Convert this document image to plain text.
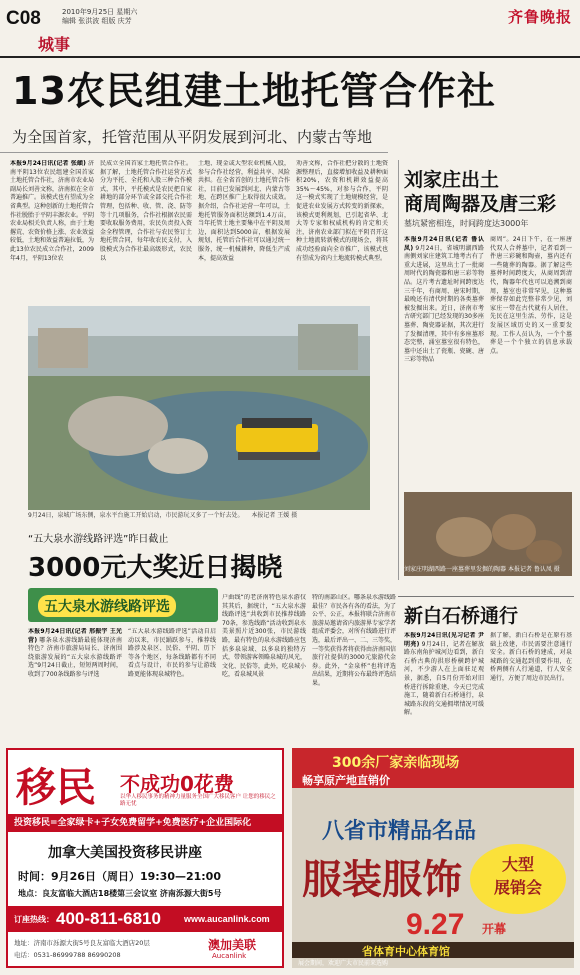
C08	2010年9月25日 星期六
编辑 张洪波 组版 庆芳	齐鲁晚报
城事
13农民组建土地托管合作社
为全国首家，托管范围从平阴发展到河北、内蒙古等地
本报9月24日讯(记者 张頔) 济南平阴13位农民组建全国首家土地托管合作社，济南市农业局副局长刘善文称，济南拟在全市普遍推广。该模式也有望成为全省典型。这种创新的土地托管合作社脱胎于平阴丰源农业。平阴农业局相关负责人称，由于土地撂荒、农资价格上涨、农业效益较低，土地和效益普遍拉低，为此13位农民成立合作社，2009年4月，平阴13位农
民成立全国首家土地托管合作社。据了解，土地托管合作社运营方式分为平托、全托和入股三种合作模式，其中，平托模式是农民把自家耕地的部分环节或全部交托合作社管理，包括种、收、管、浇、防等等十几项服务，合作社根据农民需要收取服务费用，农民负责投入资金全程管理，合作社与农民签订土地托管合同，每年收农民支付，入股模式为合作社最高级形式，农民以
土地、现金或大型农业机械入股，参与合作社经营，利益共享、风险共担。在全省首创的土地托管合作社，目前已发展到河北、内蒙古等地，在跨区推广上取得很大成效。据介绍，合作社运营一年可以，土地托管服务面积达额到1.4万亩，当年托管土地主要集中在平阴及周边，面积达到5000亩，根据发展规划，托管后合作社可以通过统一服务，统一机械耕种，降低生产成本，提高效益
劝善文称，合作社把分散的土地资源整理后，直接增加收益及耕种面积20%，农资和机耕效益提高35%～45%，对参与合作，平阴这一模式实现了土地规模经营，是促进农业发展方式转变的新探索，该模式更利规划，已引起省华、北大等专家和权威机构的肯定和关注，济南农业部门拟在平阴召开这种土地流转新模式的现场会，将其成功经验面向全市推广，该模式也有望成为省内土地流转模式典型。
9月24日，泉城广场东侧，泉水平台施工开始启动，市民游玩又多了一个好去处。 本报记者 王媛 摄
“五大泉水游线路评选”昨日截止
3000元大奖近日揭晓
五大泉水游线路评选
本报9月24日讯(记者 邢振宇 王光营) 哪条泉水游线路最能体现济南特色？济南市旅游局局长、济南围绕旅游发展的“五大泉水游线路评选”9月24日截止，短短两周时间，收到了700条线路参与评选
“五大泉水游线路评选”活动自启动以来，市民踊跃参与，推荐线路涉及泉区、民俗、平阴、历下等各个地区，每条线路都有不同看点与设计，市民的参与让游线路更能体现泉城特色。
户曲线“的老济南特色泉水游仅其其后，据统计，“五大泉水游线路评选”共收到市民推荐线路70条，参选线路“活动收到泉水美景照片近300张，市民游线路，最有特色的泉水游线路应包括多泉泉域、以多泉的独特方式，带领游客领略泉城的风光，文化、民俗等，此外，吃泉城小吃，看泉城风景
特的南部山区。哪条泉水游线路最佳？市民各有各的看法，为了公平、公正，本报将联合济南市旅游局邀请省内旅游界专家学者组成评委会，对所有线路进行评选，最后评出一、二、三等奖，一等奖获得者将获得由济南国信旅行社提供的3000元旅游代金券。此外，“金泉杯”也将评选出结果，近期将公布最终评选结果。
刘家庄出土
商周陶器及唐三彩
墓坑紧密相连，时间跨度达3000年
本报9月24日讯(记者 鲁认凤) 9月24日，省城明湖西路南侧刘家庄建筑工地考古有了重大进展，这里出土了一批商周时代的陶瓷器和唐三彩等物品。这片考古遗址时间跨度达三千年，有商周、唐宋时期，最晚还有清代时期的各类墓葬被发掘出来。近日，济南市考古研究部门已经发现的30多座墓葬、陶瓷器证据，其次进行了发掘清理，其中有多座墓形态完整，涌室墓室很有特色，墓中还出土了瓷瓶、瓷碗、唐三彩等物品
商周”。24日下午，在一座唐代双人合葬墓中，记者看到一件唐三彩碗和陶壶，墓内还有一些随葬的陶器。据了解这些墓葬时间跨度大，从商周到清代，陶器年代也可以追溯到商周，墓室也非常罕见，这种墓葬保存如此完整非常少见，刘家庄一带在古代就有人居住，先民在这里生活、劳作，这是发展区域历史的又一重要发现。工作人员认为，一个个墓葬是一个个独立的信息承载点。
刘家庄明湖西路一座墓葬里发掘的陶器 本报记者 鲁认凤 摄
新白石桥通行
本报9月24日讯(见习记者 尹明亮) 9月24日，记者在解放路东南角护城河边看到，新白石桥古典的拱形桥横跨护城河，不少游人在上面驻足观景，据悉，自5月份开始对旧桥进行拆除重建，今天已完成施工，随着新白石桥通行，泉城路东段的交通拥堵情况可缓解。
据了解，新白石桥是在原有基础上改建，市民需要注意通行安全。新白石桥的建成，对泉城路的交通起到重要作用，在桥两侧有人行通道，行人安全通行，方便了周边市民出行。
移民 不成功0花费
以华人移民事务的精神力量服务全国广大移民客户 让您的移民之路无忧
投资移民=全家绿卡+子女免费留学+免费医疗+企业国际化
加拿大美国投资移民讲座
时间：9月26日（周日）19:30—21:00
地点：良友富临大酒店18楼第三会议室 济南泺源大街5号
订座热线： 400-811-6810	www.aucanlink.com
地址：济南市泺源大街5号良友富临大酒店20层
电话：0531-86999788 86990208
澳加美联
Aucanlink
300余厂家亲临现场
畅享原产地直销价
八省市精品名品
服装服饰	大型
展销会
9.27 开幕
省体育中心体育馆
展会期间，欢迎广大市民前来选购
